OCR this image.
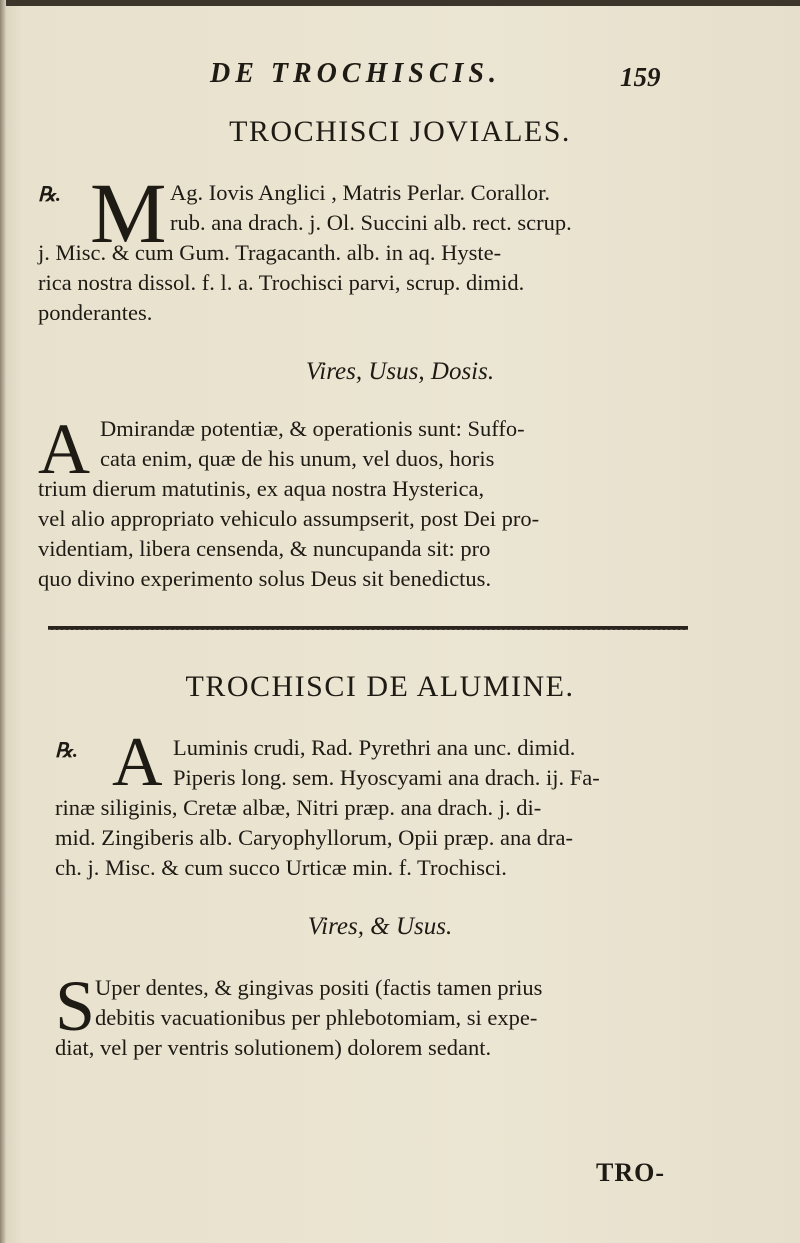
DE TROCHISCIS.	159
TROCHISCI JOVIALES.
℞. M Ag. Iovis Anglici , Matris Perlar. Corallor.
rub. ana drach. j. Ol. Succini alb. rect. scrup.
j. Misc. & cum Gum. Tragacanth. alb. in aq. Hyste-
rica nostra dissol. f. l. a. Trochisci parvi, scrup. dimid.
ponderantes.
Vires, Usus, Dosis.
A Dmirandæ potentiæ, & operationis sunt: Suffo-
cata enim, quæ de his unum, vel duos, horis
trium dierum matutinis, ex aqua nostra Hysterica,
vel alio appropriato vehiculo assumpserit, post Dei pro-
videntiam, libera censenda, & nuncupanda sit: pro
quo divino experimento solus Deus sit benedictus.
TROCHISCI DE ALUMINE.
℞. A Luminis crudi, Rad. Pyrethri ana unc. dimid.
Piperis long. sem. Hyoscyami ana drach. ij. Fa-
rinæ siliginis, Cretæ albæ, Nitri præp. ana drach. j. di-
mid. Zingiberis alb. Caryophyllorum, Opii præp. ana dra-
ch. j. Misc. & cum succo Urticæ min. f. Trochisci.
Vires, & Usus.
S Uper dentes, & gingivas positi (factis tamen prius
debitis vacuationibus per phlebotomiam, si expe-
diat, vel per ventris solutionem) dolorem sedant.
TRO-
